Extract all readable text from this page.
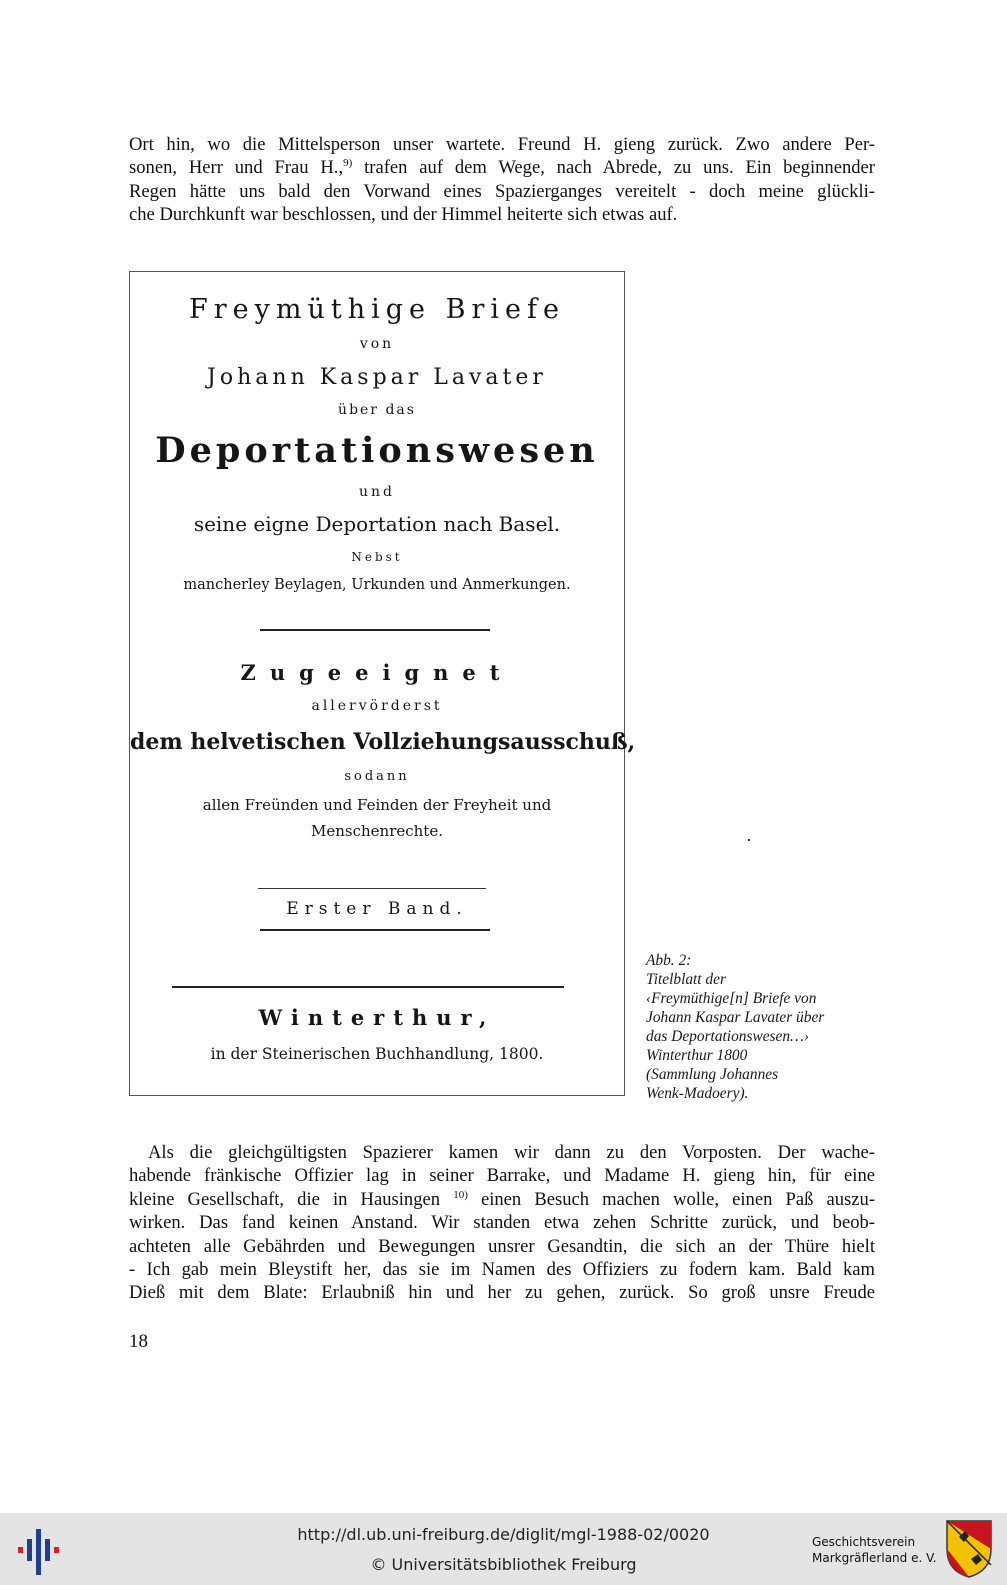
Ort hin, wo die Mittelsperson unser wartete. Freund H. gieng zurück. Zwo andere Per-
sonen, Herr und Frau H.,$^{9)}$ trafen auf dem Wege, nach Abrede, zu uns. Ein beginnender
Regen hätte uns bald den Vorwand eines Spazierganges vereitelt - doch meine glückli-
che Durchkunft war beschlossen, und der Himmel heiterte sich etwas auf.

Freymüthige Briefe
von
Johann Kaspar Lavater
über das
Deportationswesen
und
seine eigne Deportation nach Basel.
Nebst
mancherley Beylagen, Urkunden und Anmerkungen.
Zugeeignet
allervörderst
dem helvetischen Vollziehungsausschuß,
sodann
allen Freünden und Feinden der Freyheit und
Menschenrechte.
Erster Band.
Winterthur,
in der Steinerischen Buchhandlung, 1800.
Abb. 2:
Titelblatt der
‹Freymüthige[n] Briefe von
Johann Kaspar Lavater über
das Deportationswesen…›
Winterthur 1800
(Sammlung Johannes
Wenk-Madoery).

Als die gleichgültigsten Spazierer kamen wir dann zu den Vorposten. Der wache-
habende fränkische Offizier lag in seiner Barrake, und Madame H. gieng hin, für eine
kleine Gesellschaft, die in Hausingen $^{10)}$ einen Besuch machen wolle, einen Paß auszu-
wirken. Das fand keinen Anstand. Wir standen etwa zehen Schritte zurück, und beob-
achteten alle Gebährden und Bewegungen unsrer Gesandtin, die sich an der Thüre hielt
- Ich gab mein Bleystift her, das sie im Namen des Offiziers zu fodern kam. Bald kam
Dieß mit dem Blate: Erlaubniß hin und her zu gehen, zurück. So groß unsre Freude

18
http://dl.ub.uni-freiburg.de/diglit/mgl-1988-02/0020
© Universitätsbibliothek Freiburg
Geschichtsverein
Markgräflerland e. V.
